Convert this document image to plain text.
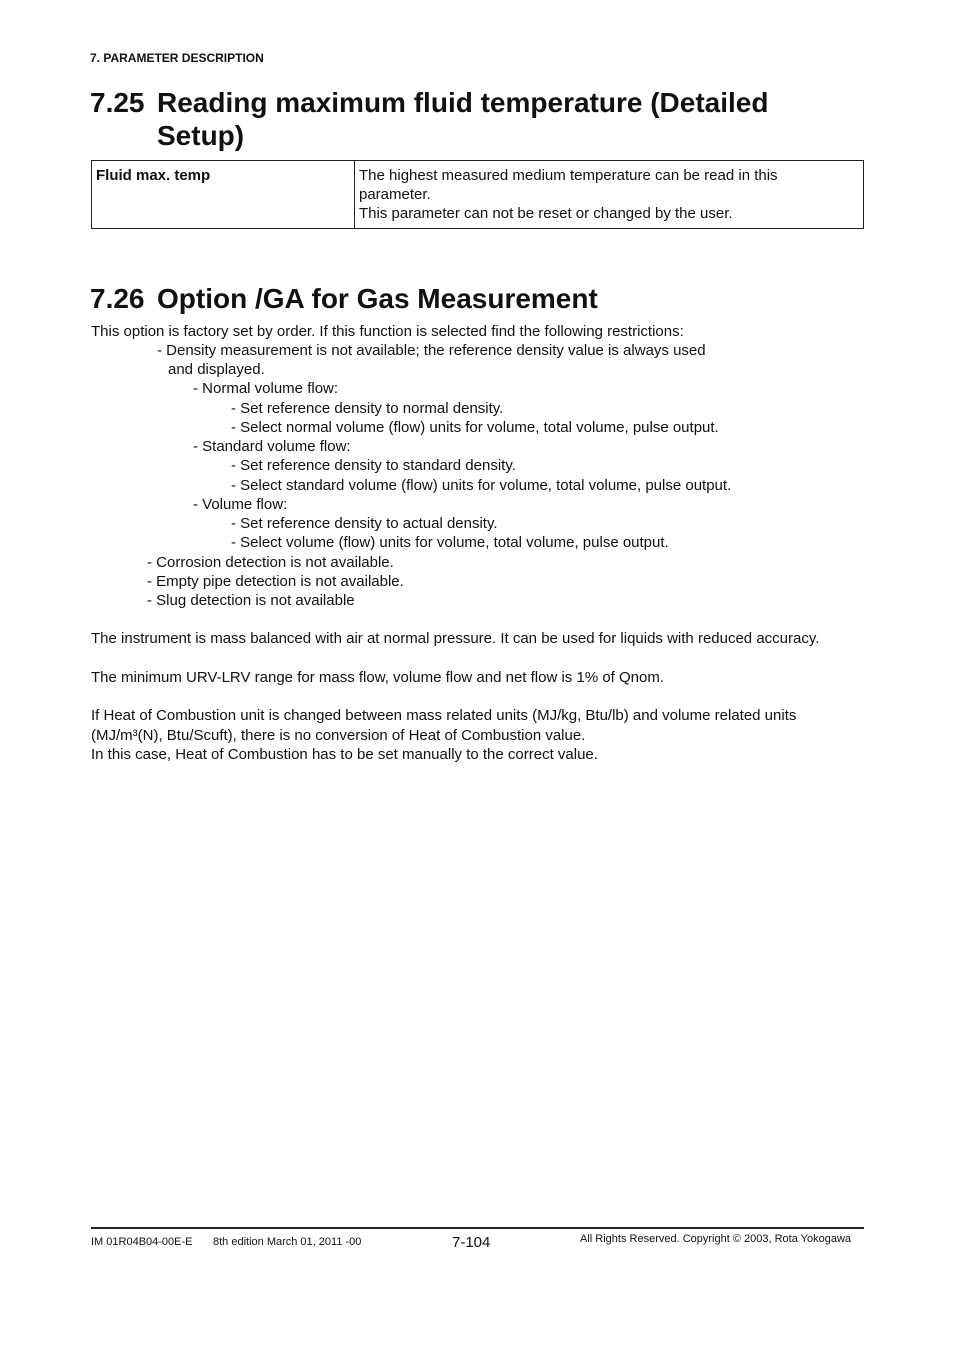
7. PARAMETER DESCRIPTION
7.25 Reading maximum fluid temperature (Detailed
Setup)
Fluid max. temp	The highest measured medium temperature can be read in this
parameter.
This parameter can not be reset or changed by the user.
7.26 Option /GA for Gas Measurement
This option is factory set by order. If this function is selected find the following restrictions:
- Density measurement is not available; the reference density value is always used
and displayed.
- Normal volume flow:
- Set reference density to normal density.
- Select normal volume (flow) units for volume, total volume, pulse output.
- Standard volume flow:
- Set reference density to standard density.
- Select standard volume (flow) units for volume, total volume, pulse output.
- Volume flow:
- Set reference density to actual density.
- Select volume (flow) units for volume, total volume, pulse output.
- Corrosion detection is not available.
- Empty pipe detection is not available.
- Slug detection is not available
The instrument is mass balanced with air at normal pressure. It can be used for liquids with reduced accuracy.
The minimum URV-LRV range for mass flow, volume flow and net flow is 1% of Qnom.
If Heat of Combustion unit is changed between mass related units (MJ/kg, Btu/lb) and volume related units
(MJ/m³(N), Btu/Scuft), there is no conversion of Heat of Combustion value.
In this case, Heat of Combustion has to be set manually to the correct value.
IM 01R04B04-00E-E 8th edition March 01, 2011 -00	7-104	All Rights Reserved. Copyright © 2003, Rota Yokogawa
